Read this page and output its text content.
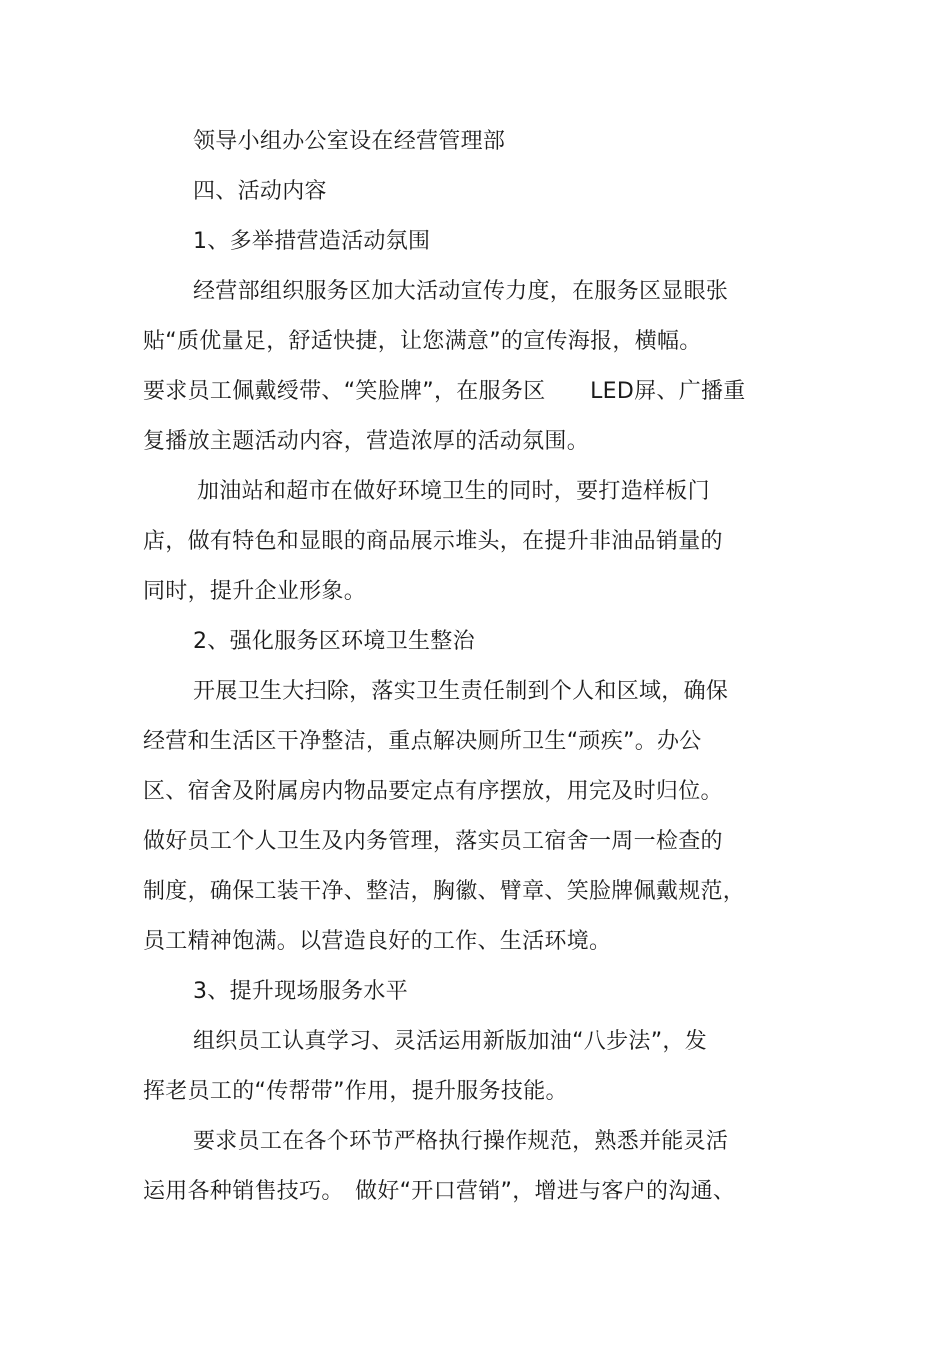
领导小组办公室设在经营管理部
四、活动内容
1、多举措营造活动氛围
经营部组织服务区加大活动宣传力度，在服务区显眼张
贴“质优量足，舒适快捷，让您满意”的宣传海报，横幅。
要求员工佩戴绶带、“笑脸牌”，在服务区　　LED屏、广播重
复播放主题活动内容，营造浓厚的活动氛围。
加油站和超市在做好环境卫生的同时，要打造样板门
店，做有特色和显眼的商品展示堆头，在提升非油品销量的
同时，提升企业形象。
2、强化服务区环境卫生整治
开展卫生大扫除，落实卫生责任制到个人和区域，确保
经营和生活区干净整洁，重点解决厕所卫生“顽疾”。办公
区、宿舍及附属房内物品要定点有序摆放，用完及时归位。
做好员工个人卫生及内务管理，落实员工宿舍一周一检查的
制度，确保工装干净、整洁，胸徽、臂章、笑脸牌佩戴规范，
员工精神饱满。以营造良好的工作、生活环境。
3、提升现场服务水平
组织员工认真学习、灵活运用新版加油“八步法”，发
挥老员工的“传帮带”作用，提升服务技能。
要求员工在各个环节严格执行操作规范，熟悉并能灵活
运用各种销售技巧。　做好“开口营销”，增进与客户的沟通、
